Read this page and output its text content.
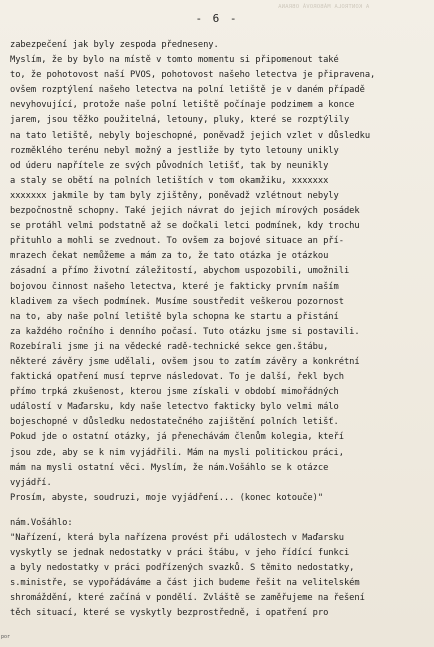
A KONTROLA MÁBOROVÁ OBRANA
- 6 -
zabezpečení jak byly zespoda předneseny.
Myslím, že by bylo na místě v tomto momentu si připomenout také
to, že pohotovost naší PVOS, pohotovost našeho letectva je připravena,
ovšem rozptýlení našeho letectva na polní letiště je v daném případě
nevyhovující, protože naše polní letiště počínaje podzimem a konce
jarem, jsou těžko použitelná, letouny, pluky, které se rozptýlily
na tato letiště, nebyly bojeschopné, poněvadž jejich vzlet v důsledku
rozměklého terénu nebyl možný a jestliže by tyto letouny unikly
od úderu napřítele ze svých původních letišť, tak by neunikly
a staly se obětí na polních letištích v tom okamžiku, xxxxxxx
xxxxxxx jakmile by tam byly zjištěny, poněvadž vzlétnout nebyly
bezpočnostně schopny. Také jejich návrat do jejich mírových posádek
se protáhl velmi podstatně až se dočkali letci podmínek, kdy trochu
přituhlo a mohli se zvednout. To ovšem za bojové situace an pří-
mrazech čekat nemůžeme a mám za to, že tato otázka je otázkou
zásadní a přímo životní záležitostí, abychom uspozobili, umožnili
bojovou činnost našeho letectva, které je fakticky prvním naším
kladivem za všech podmínek. Musíme soustředit veškerou pozornost
na to, aby naše polní letiště byla schopna ke startu a přistání
za každého ročního i denního počasí. Tuto otázku jsme si postavili.
Rozebírali jsme ji na vědecké radě-technické sekce gen.štábu,
některé závěry jsme udělali, ovšem jsou to zatím závěry a konkrétní
faktická opatření musí teprve následovat. To je další, řekl bych
přímo trpká zkušenost, kterou jsme získali v období mimořádných
událostí v Maďarsku, kdy naše letectvo fakticky bylo velmi málo
bojeschopné v důsledku nedostatečného zajištění polních letišť.
Pokud jde o ostatní otázky, já přenechávám členům kolegia, kteří
jsou zde, aby se k nim vyjádřili. Mám na mysli politickou práci,
mám na mysli ostatní věci. Myslím, že nám.Vošáhlo se k otázce
vyjádří.
Prosím, abyste, soudruzi, moje vyjádření... (konec kotouče)"
nám.Vošáhlo:
"Nařízení, která byla nařízena provést při událostech v Maďarsku
vyskytly se jednak nedostatky v práci štábu, v jeho řídící funkci
a byly nedostatky v práci podřízených svazků. S těmito nedostatky,
s.ministře, se vypořádáváme a část jich budeme řešit na velitelském
shromáždění, které začíná v pondělí. Zvláště se zaměřujeme na řešení
těch situací, které se vyskytly bezprostředně, i opatření pro
por
